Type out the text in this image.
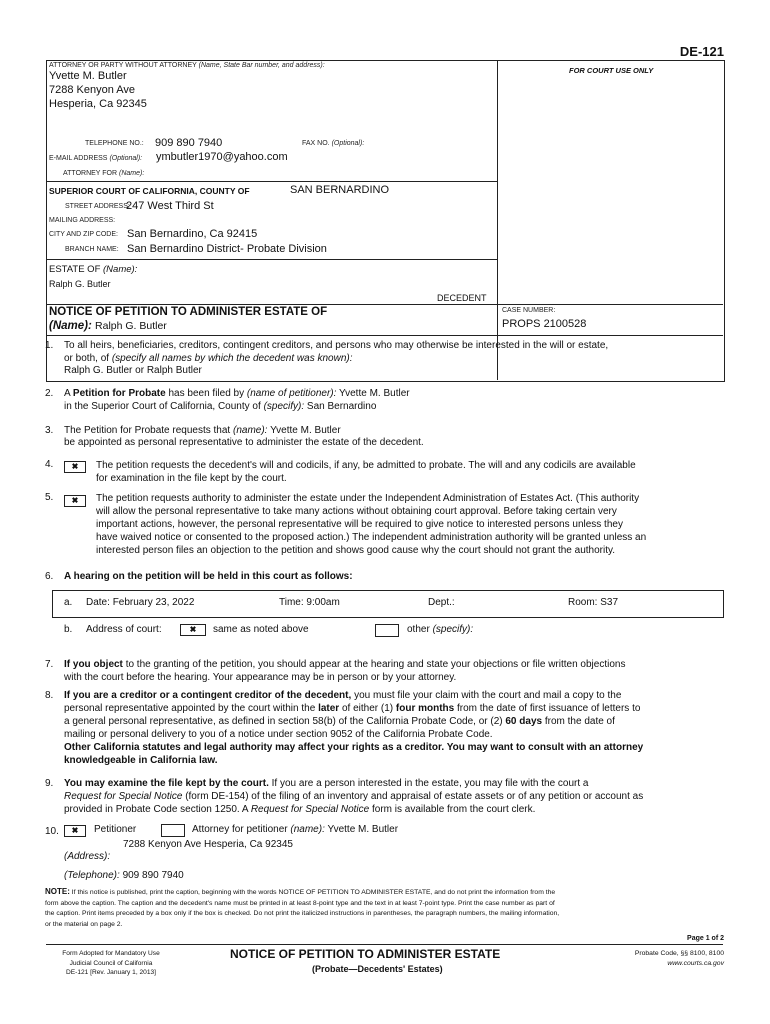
DE-121
FOR COURT USE ONLY
ATTORNEY OR PARTY WITHOUT ATTORNEY (Name, State Bar number, and address):
Yvette M. Butler
7288 Kenyon Ave
Hesperia, Ca 92345
TELEPHONE NO.: 909 890 7940	FAX NO. (Optional):
E-MAIL ADDRESS (Optional): ymbutler1970@yahoo.com
ATTORNEY FOR (Name):
SUPERIOR COURT OF CALIFORNIA, COUNTY OF	SAN BERNARDINO
STREET ADDRESS:
247 West Third St
MAILING ADDRESS:
CITY AND ZIP CODE: San Bernardino, Ca 92415
BRANCH NAME: San Bernardino District- Probate Division
ESTATE OF (Name):
Ralph G. Butler
DECEDENT
NOTICE OF PETITION TO ADMINISTER ESTATE OF
(Name): Ralph G. Butler
CASE NUMBER:
PROPS 2100528
1. To all heirs, beneficiaries, creditors, contingent creditors, and persons who may otherwise be interested in the will or estate,
or both, of (specify all names by which the decedent was known):
Ralph G. Butler or Ralph Butler
2. A Petition for Probate has been filed by (name of petitioner): Yvette M. Butler
in the Superior Court of California, County of (specify): San Bernardino
3. The Petition for Probate requests that (name): Yvette M. Butler
be appointed as personal representative to administer the estate of the decedent.
4.	✖	The petition requests the decedent's will and codicils, if any, be admitted to probate. The will and any codicils are available
for examination in the file kept by the court.
5.	✖	The petition requests authority to administer the estate under the Independent Administration of Estates Act. (This authority
will allow the personal representative to take many actions without obtaining court approval. Before taking certain very
important actions, however, the personal representative will be required to give notice to interested persons unless they
have waived notice or consented to the proposed action.) The independent administration authority will be granted unless an
interested person files an objection to the petition and shows good cause why the court should not grant the authority.
6. A hearing on the petition will be held in this court as follows:
a. Date: February 23, 2022	Time: 9:00am	Dept.:	Room: S37
b. Address of court:	✖	same as noted above	other (specify):
7. If you object to the granting of the petition, you should appear at the hearing and state your objections or file written objections
with the court before the hearing. Your appearance may be in person or by your attorney.
8. If you are a creditor or a contingent creditor of the decedent, you must file your claim with the court and mail a copy to the
personal representative appointed by the court within the later of either (1) four months from the date of first issuance of letters to
a general personal representative, as defined in section 58(b) of the California Probate Code, or (2) 60 days from the date of
mailing or personal delivery to you of a notice under section 9052 of the California Probate Code.
Other California statutes and legal authority may affect your rights as a creditor. You may want to consult with an attorney
knowledgeable in California law.
9. You may examine the file kept by the court. If you are a person interested in the estate, you may file with the court a
Request for Special Notice (form DE-154) of the filing of an inventory and appraisal of estate assets or of any petition or account as
provided in Probate Code section 1250. A Request for Special Notice form is available from the court clerk.
10.	✖	Petitioner	Attorney for petitioner (name): Yvette M. Butler
7288 Kenyon Ave Hesperia, Ca 92345
(Address):
(Telephone): 909 890 7940
NOTE: If this notice is published, print the caption, beginning with the words NOTICE OF PETITION TO ADMINISTER ESTATE, and do not print the information from the
form above the caption. The caption and the decedent's name must be printed in at least 8-point type and the text in at least 7-point type. Print the case number as part of
the caption. Print items preceded by a box only if the box is checked. Do not print the italicized instructions in parentheses, the paragraph numbers, the mailing information,
or the material on page 2.
Page 1 of 2
Form Adopted for Mandatory Use
Judicial Council of California
DE-121 [Rev. January 1, 2013]
NOTICE OF PETITION TO ADMINISTER ESTATE
(Probate—Decedents' Estates)
Probate Code, §§ 8100, 8100
www.courts.ca.gov
